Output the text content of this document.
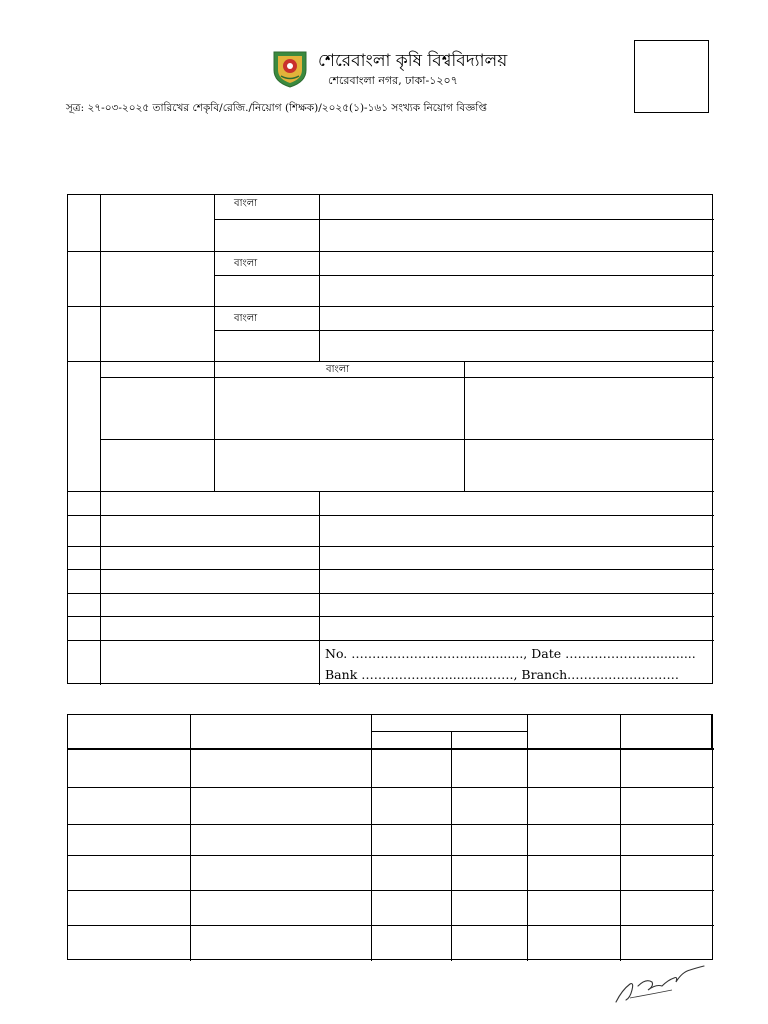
শেরেবাংলা কৃষি বিশ্ববিদ্যালয়
শেরেবাংলা নগর, ঢাকা-১২০৭
সূত্র: ২৭-০৩-২০২৫ তারিখের শেকৃবি/রেজি./নিয়োগ (শিক্ষক)/২০২৫(১)-১৬১ সংখ্যক নিয়োগ বিজ্ঞপ্তি
বাংলা
বাংলা
বাংলা
বাংলা
No. ………………………..............., Date ………………..............
Bank ………………….........……., Branch.……..………………
